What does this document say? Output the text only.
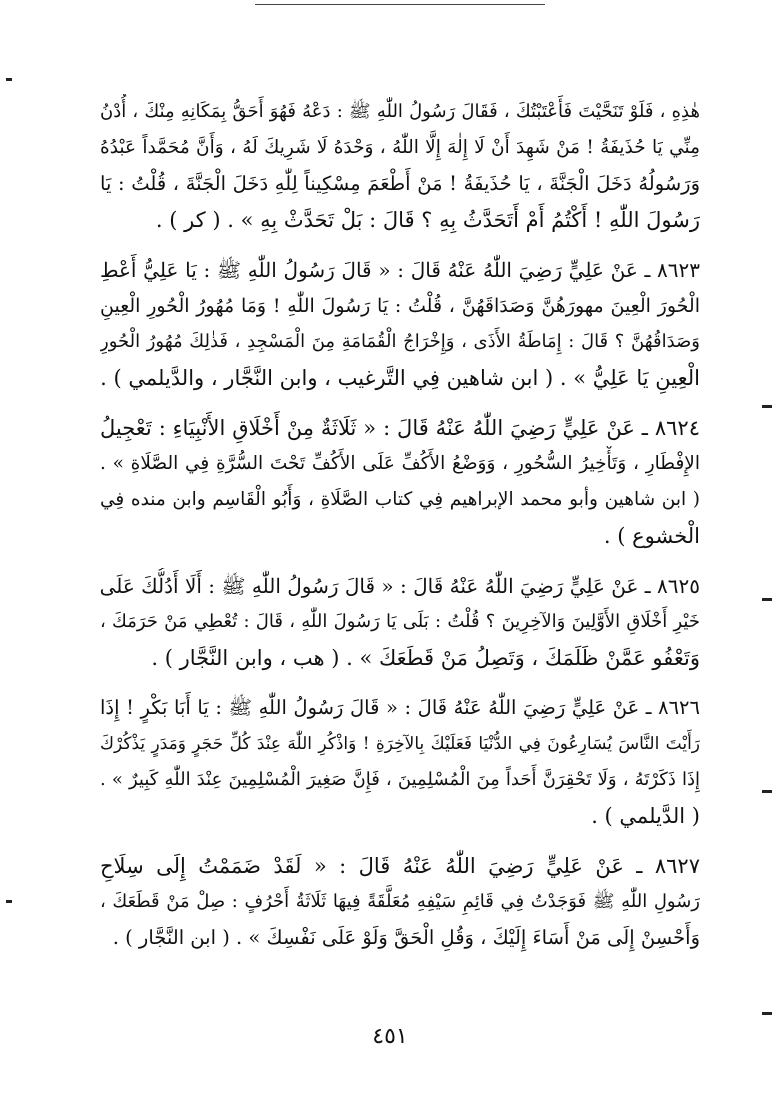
هٰذِهِ ، فَلَوْ تَنَحَّيْتَ فَأَعْتَبْتُكَ ، فَقَالَ رَسُولُ اللّٰهِ ﷺ : دَعْهُ فَهُوَ أَحَقُّ بِمَكَانِهِ مِنْكَ ، أُدْنُ
مِنِّي يَا حُذَيفَةُ ! مَنْ شَهِدَ أَنْ لَا إِلٰهَ إِلَّا اللّٰهُ ، وَحْدَهُ لَا شَرِيكَ لَهُ ، وَأَنَّ مُحَمَّداً عَبْدُهُ
وَرَسُولُهُ دَخَلَ الْجَنَّةَ ، يَا حُذَيفَةُ ! مَنْ أَطْعَمَ مِسْكِيناً لِلّٰهِ دَخَلَ الْجَنَّةَ ، قُلْتُ : يَا
رَسُولَ اللّٰهِ ! أَكْتُمُ أَمْ أَتَحَدَّثُ بِهِ ؟ قَالَ : بَلْ تَحَدَّثْ بِهِ » . ( كر ) .
٨٦٢٣ ـ عَنْ عَلِيٍّ رَضِيَ اللّٰهُ عَنْهُ قَالَ : « قَالَ رَسُولُ اللّٰهِ ﷺ : يَا عَلِيُّ أَعْطِ
الْحُورَ الْعِينَ مهورَهُنَّ وَصَدَاقَهُنَّ ، قُلْتُ : يَا رَسُولَ اللّٰهِ ! وَمَا مُهُورُ الْحُورِ الْعِينِ
وَصَدَاقُهُنَّ ؟ قَالَ : إِمَاطَةُ الأَذَى ، وَإِخْرَاجُ الْقُمَامَةِ مِنَ الْمَسْجِدِ ، فَذٰلِكَ مُهُورُ الْحُورِ
الْعِينِ يَا عَلِيُّ » . ( ابن شاهين فِي التَّرغيب ، وابن النَّجَّار ، والدَّيلمي ) .
٨٦٢٤ ـ عَنْ عَلِيٍّ رَضِيَ اللّٰهُ عَنْهُ قَالَ : « ثَلَاثَةٌ مِنْ أَخْلَاقِ الأَنْبِيَاءِ : تَعْجِيلُ
الإِفْطَارِ ، وَتَأْخِيرُ السُّحُورِ ، وَوَضْعُ الأَكُفِّ عَلَى الأَكُفِّ تَحْتَ السُّرَّةِ فِي الصَّلَاةِ » .
( ابن شاهين وأبو محمد الإبراهيم فِي كتاب الصَّلَاةِ ، وَأَبُو الْقَاسِم وابن منده فِي
الْخشوع ) .
٨٦٢٥ ـ عَنْ عَلِيٍّ رَضِيَ اللّٰهُ عَنْهُ قَالَ : « قَالَ رَسُولُ اللّٰهِ ﷺ : أَلَا أَدُلُّكَ عَلَى
خَيْرِ أَخْلَاقِ الأَوَّلِينَ وَالآخِرِينَ ؟ قُلْتُ : بَلَى يَا رَسُولَ اللّٰهِ ، قَالَ : تُعْطِي مَنْ حَرَمَكَ ،
وَتَعْفُو عَمَّنْ ظَلَمَكَ ، وَتَصِلُ مَنْ قَطَعَكَ » . ( هب ، وابن النَّجَّار ) .
٨٦٢٦ ـ عَنْ عَلِيٍّ رَضِيَ اللّٰهُ عَنْهُ قَالَ : « قَالَ رَسُولُ اللّٰهِ ﷺ : يَا أَبَا بَكْرٍ ! إِذَا
رَأَيْتَ النَّاسَ يُسَارِعُونَ فِي الدُّنْيَا فَعَلَيْكَ بِالآخِرَةِ ! وَاذْكُرِ اللّٰهَ عِنْدَ كُلِّ حَجَرٍ وَمَدَرٍ يَذْكُرْكَ
إِذَا ذَكَرْتَهُ ، وَلَا تَحْقِرَنَّ أَحَداً مِنَ الْمُسْلِمِينَ ، فَإِنَّ صَغِيرَ الْمُسْلِمِينَ عِنْدَ اللّٰهِ كَبِيرٌ » .
( الدَّيلمي ) .
٨٦٢٧ ـ عَنْ عَلِيٍّ رَضِيَ اللّٰهُ عَنْهُ قَالَ : « لَقَدْ ضَمَمْتُ إِلَى سِلَاحِ
رَسُولِ اللّٰهِ ﷺ فَوَجَدْتُ فِي قَائِمِ سَيْفِهِ مُعَلَّقَةً فِيهَا ثَلَاثَةُ أَحْرُفٍ : صِلْ مَنْ قَطَعَكَ ،
وَأَحْسِنْ إِلَى مَنْ أَسَاءَ إِلَيْكَ ، وَقُلِ الْحَقَّ وَلَوْ عَلَى نَفْسِكَ » . ( ابن النَّجَّار ) .
٤٥١
